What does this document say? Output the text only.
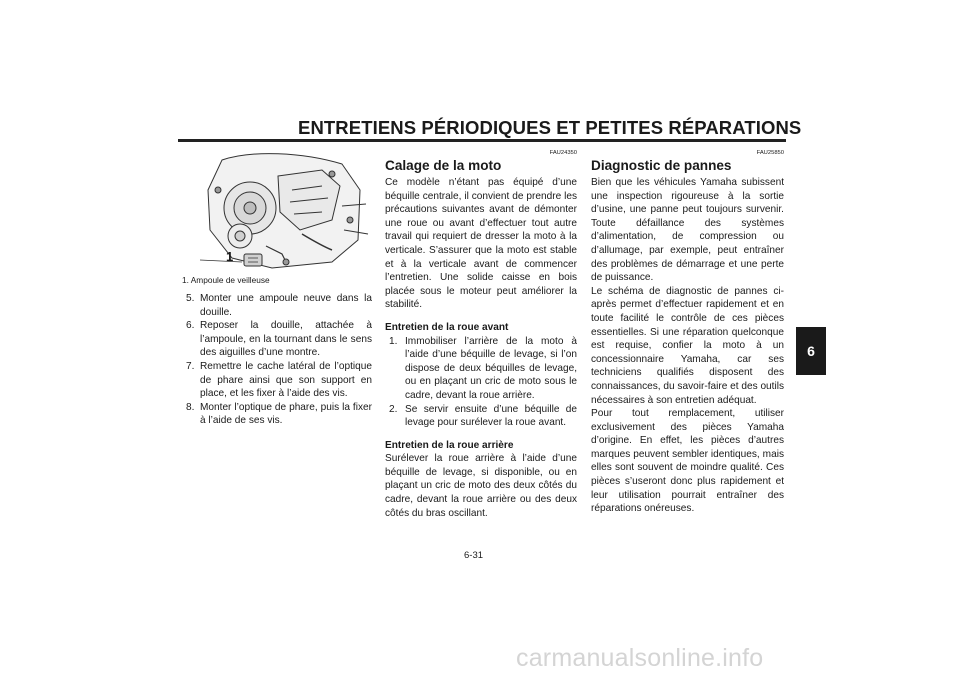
ENTRETIENS PÉRIODIQUES ET PETITES RÉPARATIONS
6
1
1. Ampoule de veilleuse
5. Monter une ampoule neuve dans la douille.
6. Reposer la douille, attachée à l’ampoule, en la tournant dans le sens des aiguilles d’une montre.
7. Remettre le cache latéral de l’optique de phare ainsi que son support en place, et les fixer à l’aide des vis.
8. Monter l’optique de phare, puis la fixer à l’aide de ses vis.
FAU24350
Calage de la moto

Ce modèle n’étant pas équipé d’une béquille centrale, il convient de prendre les précautions suivantes avant de démonter une roue ou avant d’effectuer tout autre travail qui requiert de dresser la moto à la verticale. S’assurer que la moto est stable et à la verticale avant de commencer l’entretien. Une solide caisse en bois placée sous le moteur peut améliorer la stabilité.

Entretien de la roue avant
1. Immobiliser l’arrière de la moto à l’aide d’une béquille de levage, si l’on dispose de deux béquilles de levage, ou en plaçant un cric de moto sous le cadre, devant la roue arrière.
2. Se servir ensuite d’une béquille de levage pour surélever la roue avant.
Entretien de la roue arrière

Surélever la roue arrière à l’aide d’une béquille de levage, si disponible, ou en plaçant un cric de moto des deux côtés du cadre, devant la roue arrière ou des deux côtés du bras oscillant.

FAU25850
Diagnostic de pannes

Bien que les véhicules Yamaha subissent une inspection rigoureuse à la sortie d’usine, une panne peut toujours survenir. Toute défaillance des systèmes d’alimentation, de compression ou d’allumage, par exemple, peut entraîner des problèmes de démarrage et une perte de puissance.

Le schéma de diagnostic de pannes ci-après permet d’effectuer rapidement et en toute facilité le contrôle de ces pièces essentielles. Si une réparation quelconque est requise, confier la moto à un concessionnaire Yamaha, car ses techniciens qualifiés disposent des connaissances, du savoir-faire et des outils nécessaires à son entretien adéquat.

Pour tout remplacement, utiliser exclusivement des pièces Yamaha d’origine. En effet, les pièces d’autres marques peuvent sembler identiques, mais elles sont souvent de moindre qualité. Ces pièces s’useront donc plus rapidement et leur utilisation pourrait entraîner des réparations onéreuses.

6-31
carmanualsonline.info
